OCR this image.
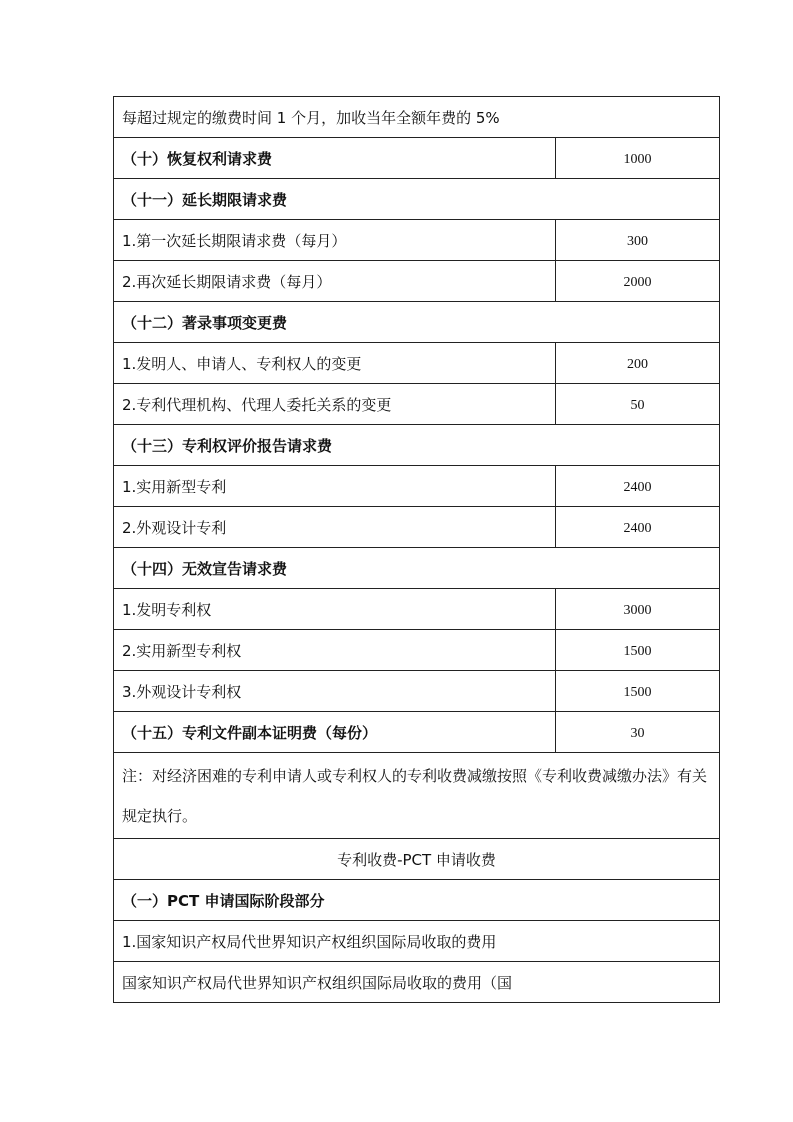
每超过规定的缴费时间 1 个月，加收当年全额年费的 5%	
（十）恢复权利请求费	1000
（十一）延长期限请求费	
1.第一次延长期限请求费（每月）	300
2.再次延长期限请求费（每月）	2000
（十二）著录事项变更费	
1.发明人、申请人、专利权人的变更	200
2.专利代理机构、代理人委托关系的变更	50
（十三）专利权评价报告请求费	
1.实用新型专利	2400
2.外观设计专利	2400
（十四）无效宣告请求费	
1.发明专利权	3000
2.实用新型专利权	1500
3.外观设计专利权	1500
（十五）专利文件副本证明费（每份）	30
注：对经济困难的专利申请人或专利权人的专利收费减缴按照《专利收费减缴办法》有关规定执行。	
专利收费-PCT 申请收费	
（一）PCT 申请国际阶段部分	
1.国家知识产权局代世界知识产权组织国际局收取的费用	
国家知识产权局代世界知识产权组织国际局收取的费用（国	
